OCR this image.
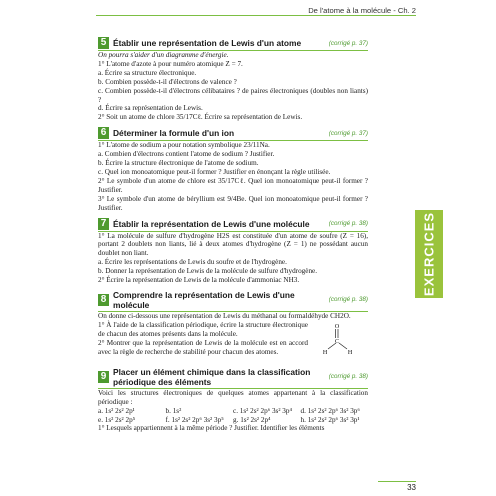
De l'atome à la molécule - Ch. 2
EXERCICES
5 Établir une représentation de Lewis d'un atome	(corrigé p. 37)

On pourra s'aider d'un diagramme d'énergie.

1° L'atome d'azote à pour numéro atomique Z = 7.

a. Écrire sa structure électronique.

b. Combien possède-t-il d'électrons de valence ?

c. Combien possède-t-il d'électrons célibataires ? de paires électroniques (doubles non liants) ?

d. Écrire sa représentation de Lewis.

2° Soit un atome de chlore 35/17Cℓ. Écrire sa représentation de Lewis.

6 Déterminer la formule d'un ion	(corrigé p. 37)

1° L'atome de sodium a pour notation symbolique 23/11Na.

a. Combien d'électrons contient l'atome de sodium ? Justifier.

b. Écrire la structure électronique de l'atome de sodium.

c. Quel ion monoatomique peut-il former ? Justifier en énonçant la règle utilisée.

2° Le symbole d'un atome de chlore est 35/17Cℓ. Quel ion monoatomique peut-il former ? Justifier.

3° Le symbole d'un atome de béryllium est 9/4Be. Quel ion monoatomique peut-il former ? Justifier.

7 Établir la représentation de Lewis d'une molécule	(corrigé p. 38)

1° La molécule de sulfure d'hydrogène H2S est constituée d'un atome de soufre (Z = 16), portant 2 doublets non liants, lié à deux atomes d'hydrogène (Z = 1) ne possédant aucun doublet non liant.

a. Écrire les représentations de Lewis du soufre et de l'hydrogène.

b. Donner la représentation de Lewis de la molécule de sulfure d'hydrogène.

2° Écrire la représentation de Lewis de la molécule d'ammoniac NH3.

8 Comprendre la représentation de Lewis d'une molécule	(corrigé p. 38)

On donne ci-dessous une représentation de Lewis du méthanal ou formaldéhyde CH2O.

1° À l'aide de la classification périodique, écrire la structure électronique de chacun des atomes présents dans la molécule.

2° Montrer que la représentation de Lewis de la molécule est en accord avec la règle de recherche de stabilité pour chacun des atomes.

O
C
H	H
9 Placer un élément chimique dans la classification périodique des éléments	(corrigé p. 38)

Voici les structures électroniques de quelques atomes appartenant à la classification périodique :

a. 1s² 2s² 2p¹	b. 1s²	c. 1s² 2s² 2p⁶ 3s² 3p⁴	d. 1s² 2s² 2p⁶ 3s² 3p⁶
e. 1s² 2s² 2p⁵	f. 1s² 2s² 2p⁶ 3s² 3p⁵	g. 1s² 2s² 2p⁴	h. 1s² 2s² 2p⁶ 3s² 3p¹

1° Lesquels appartiennent à la même période ? Justifier. Identifier les éléments

33
